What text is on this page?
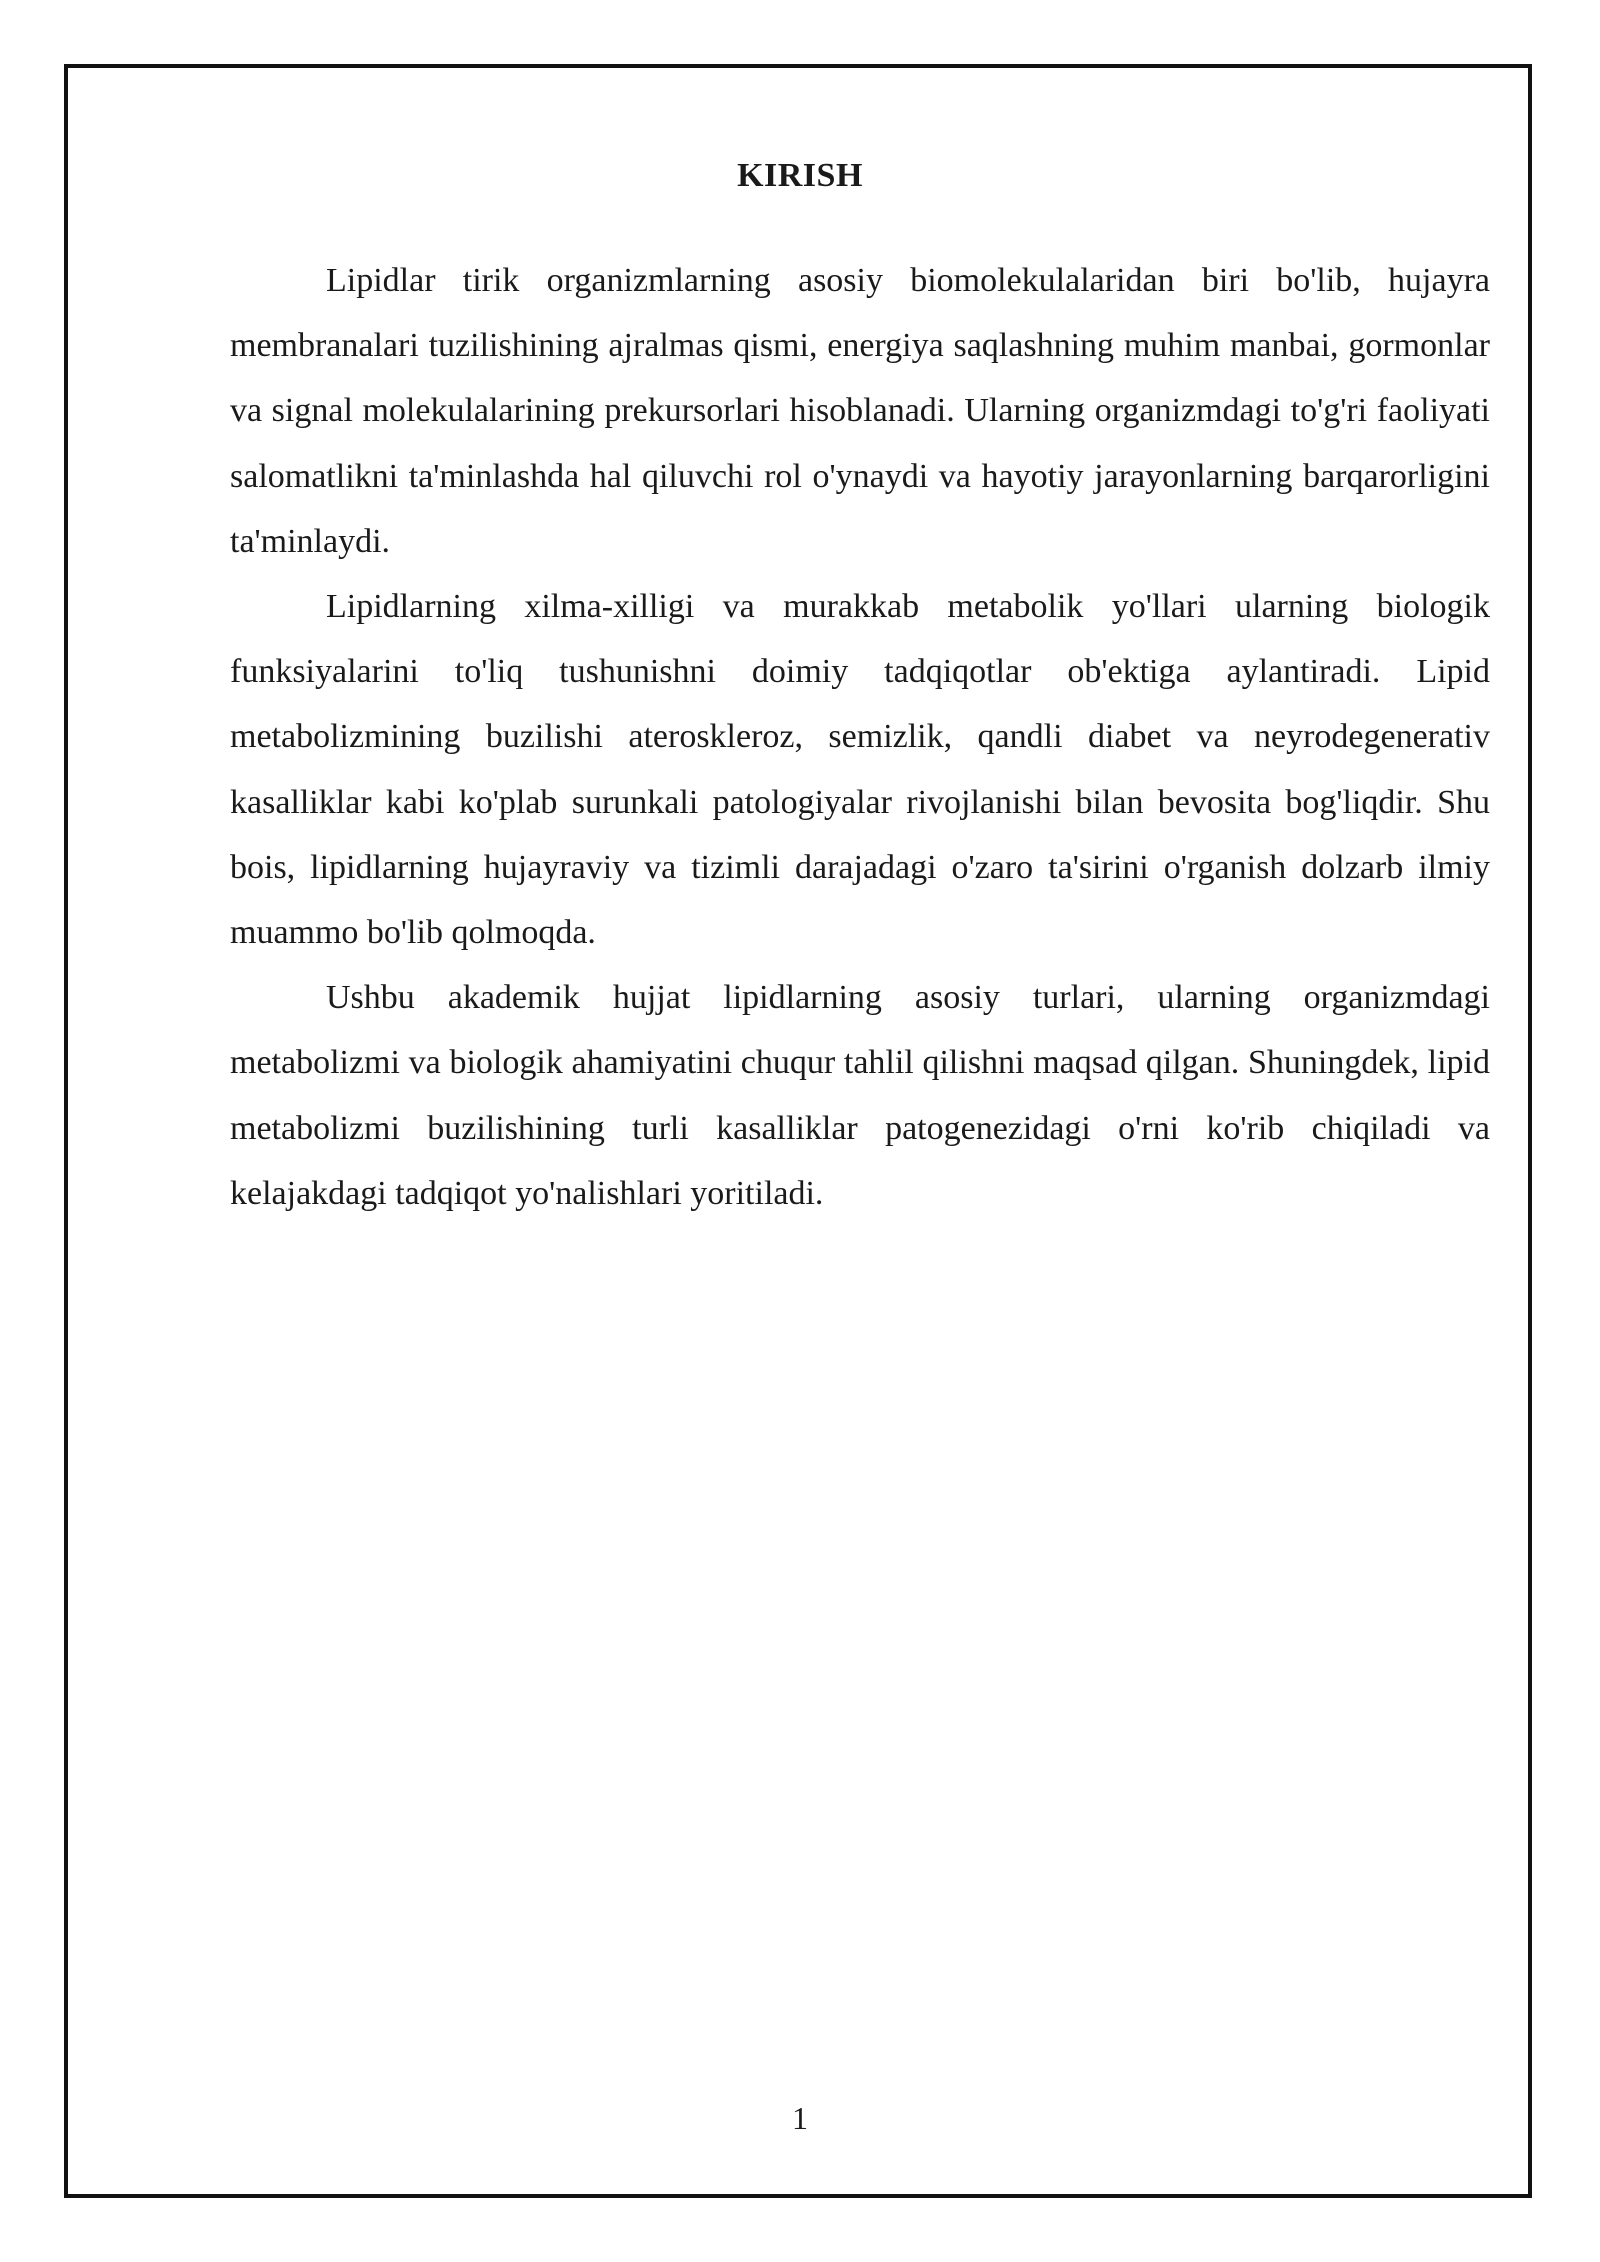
KIRISH

Lipidlar tirik organizmlarning asosiy biomolekulalaridan biri bo'lib, hujayra membranalari tuzilishining ajralmas qismi, energiya saqlashning muhim manbai, gormonlar va signal molekulalarining prekursorlari hisoblanadi. Ularning organizmdagi to'g'ri faoliyati salomatlikni ta'minlashda hal qiluvchi rol o'ynaydi va hayotiy jarayonlarning barqarorligini ta'minlaydi.

Lipidlarning xilma-xilligi va murakkab metabolik yo'llari ularning biologik funksiyalarini to'liq tushunishni doimiy tadqiqotlar ob'ektiga aylantiradi. Lipid metabolizmining buzilishi ateroskleroz, semizlik, qandli diabet va neyrodegenerativ kasalliklar kabi ko'plab surunkali patologiyalar rivojlanishi bilan bevosita bog'liqdir. Shu bois, lipidlarning hujayraviy va tizimli darajadagi o'zaro ta'sirini o'rganish dolzarb ilmiy muammo bo'lib qolmoqda.

Ushbu akademik hujjat lipidlarning asosiy turlari, ularning organizmdagi metabolizmi va biologik ahamiyatini chuqur tahlil qilishni maqsad qilgan. Shuningdek, lipid metabolizmi buzilishining turli kasalliklar patogenezidagi o'rni ko'rib chiqiladi va kelajakdagi tadqiqot yo'nalishlari yoritiladi.

1
